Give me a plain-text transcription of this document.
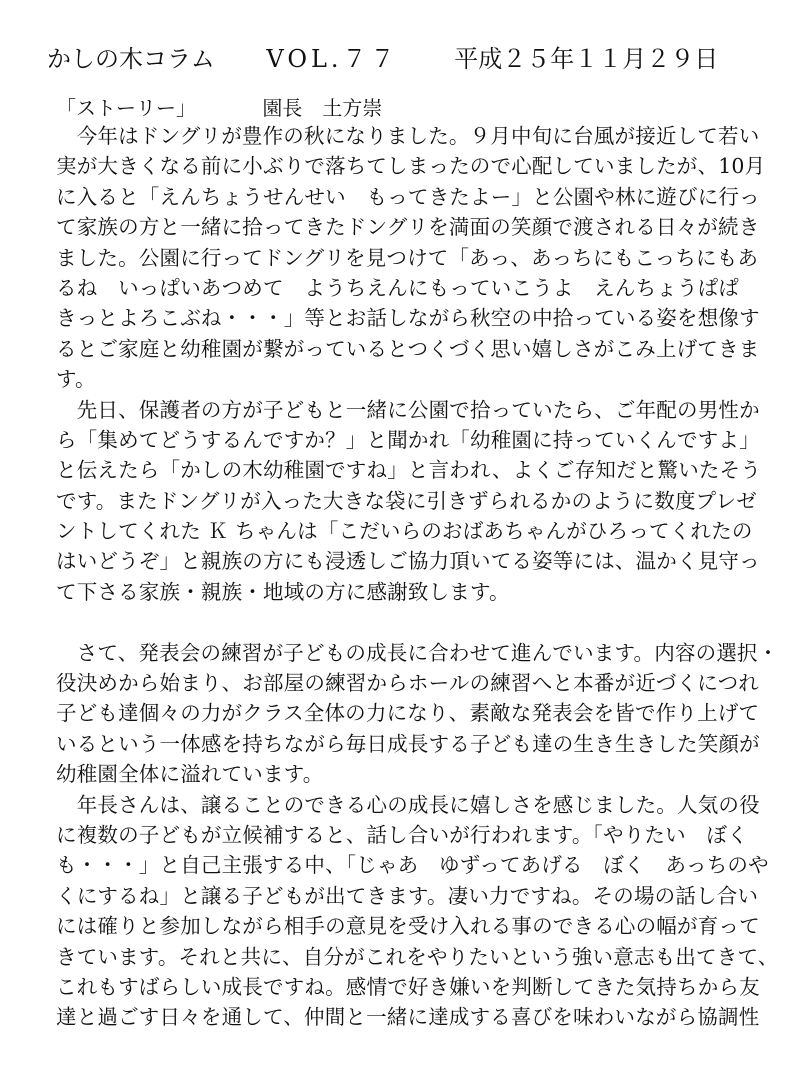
かしの木コラム VOL.７７ 平成２５年１１月２９日
「ストーリー」	園長　土方崇
　今年はドングリが豊作の秋になりました。９月中旬に台風が接近して若い
実が大きくなる前に小ぶりで落ちてしまったので心配していましたが、10月
に入ると「えんちょうせんせい　もってきたよー」と公園や林に遊びに行っ
て家族の方と一緒に拾ってきたドングリを満面の笑顔で渡される日々が続き
ました。公園に行ってドングリを見つけて「あっ、あっちにもこっちにもあ
るね　いっぱいあつめて　ようちえんにもっていこうよ　えんちょうぱぱ
きっとよろこぶね・・・」等とお話しながら秋空の中拾っている姿を想像す
るとご家庭と幼稚園が繋がっているとつくづく思い嬉しさがこみ上げてきま
す。
　先日、保護者の方が子どもと一緒に公園で拾っていたら、ご年配の男性か
ら「集めてどうするんですか？」と聞かれ「幼稚園に持っていくんですよ」
と伝えたら「かしの木幼稚園ですね」と言われ、よくご存知だと驚いたそう
です。またドングリが入った大きな袋に引きずられるかのように数度プレゼ
ントしてくれた Ｋ ちゃんは「こだいらのおばあちゃんがひろってくれたの
はいどうぞ」と親族の方にも浸透しご協力頂いてる姿等には、温かく見守っ
て下さる家族・親族・地域の方に感謝致します。
　さて、発表会の練習が子どもの成長に合わせて進んでいます。内容の選択・
役決めから始まり、お部屋の練習からホールの練習へと本番が近づくにつれ
子ども達個々の力がクラス全体の力になり、素敵な発表会を皆で作り上げて
いるという一体感を持ちながら毎日成長する子ども達の生き生きした笑顔が
幼稚園全体に溢れています。
　年長さんは、譲ることのできる心の成長に嬉しさを感じました。人気の役
に複数の子どもが立候補すると、話し合いが行われます。「やりたい　ぼく
も・・・」と自己主張する中、「じゃあ　ゆずってあげる　ぼく　あっちのや
くにするね」と譲る子どもが出てきます。凄い力ですね。その場の話し合い
には確りと参加しながら相手の意見を受け入れる事のできる心の幅が育って
きています。それと共に、自分がこれをやりたいという強い意志も出てきて、
これもすばらしい成長ですね。感情で好き嫌いを判断してきた気持ちから友
達と過ごす日々を通して、仲間と一緒に達成する喜びを味わいながら協調性
